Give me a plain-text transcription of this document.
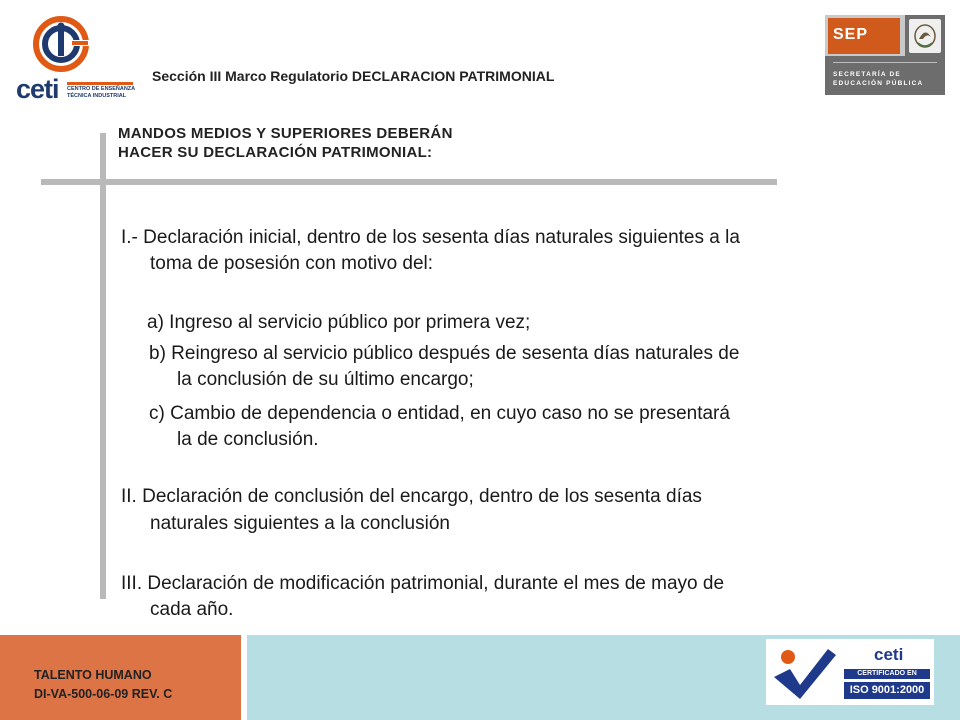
ceti CENTRO DE ENSEÑANZA
TÉCNICA INDUSTRIAL
Sección III Marco Regulatorio DECLARACION PATRIMONIAL
SEP
SECRETARÍA DE
EDUCACIÓN PÚBLICA
MANDOS MEDIOS Y SUPERIORES DEBERÁN
HACER SU DECLARACIÓN PATRIMONIAL:
I.- Declaración inicial, dentro de los sesenta días naturales siguientes a la
toma de posesión con motivo del:
a) Ingreso al servicio público por primera vez;
b) Reingreso al servicio público después de sesenta días naturales de
la conclusión de su último encargo;
c) Cambio de dependencia o entidad, en cuyo caso no se presentará
la de conclusión.
II. Declaración de conclusión del encargo, dentro de los sesenta días
naturales siguientes a la conclusión
III. Declaración de modificación patrimonial, durante el mes de mayo de
cada año.
TALENTO HUMANO
DI-VA-500-06-09 REV. C
ceti
CERTIFICADO EN
ISO 9001:2000
